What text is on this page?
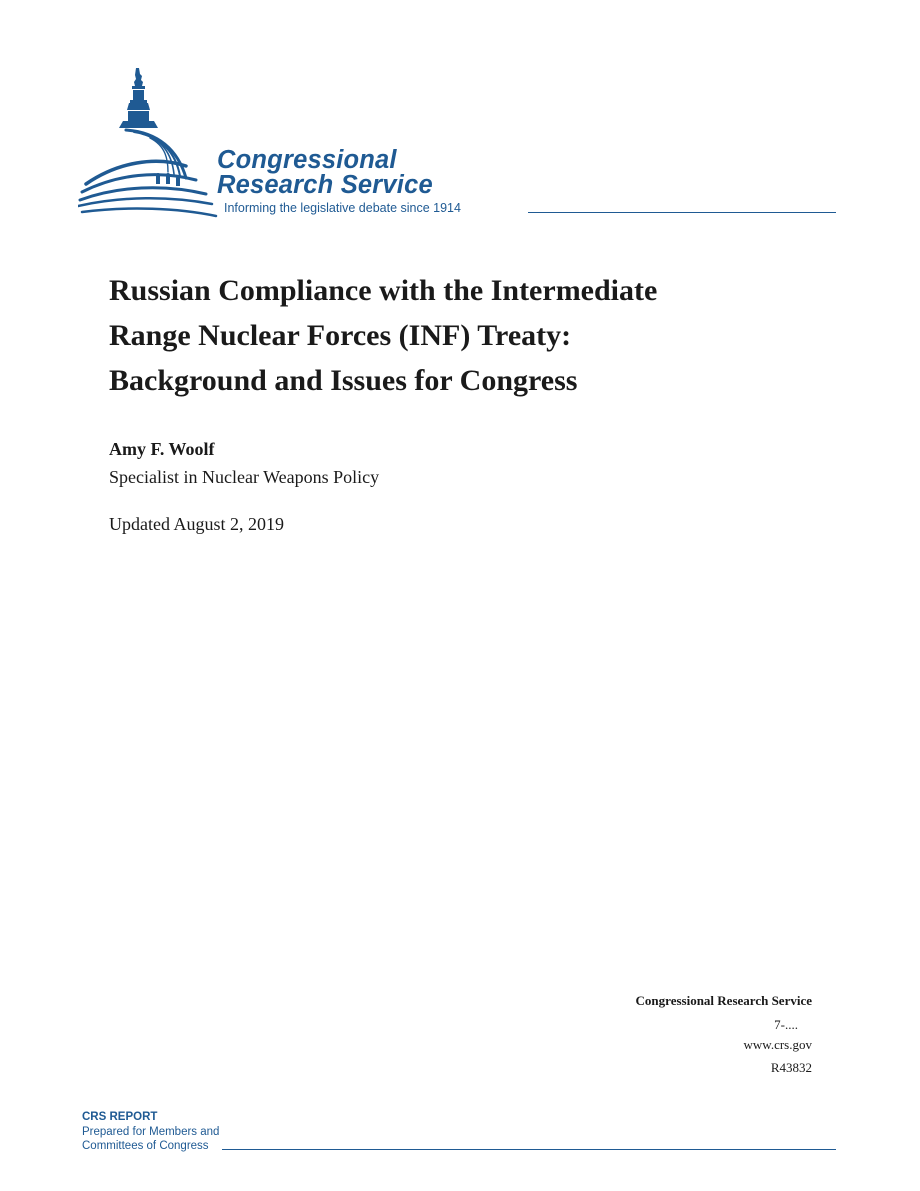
Congressional
Research Service
Informing the legislative debate since 1914
Russian Compliance with the Intermediate
Range Nuclear Forces (INF) Treaty:
Background and Issues for Congress
Amy F. Woolf
Specialist in Nuclear Weapons Policy
Updated August 2, 2019
Congressional Research Service
7-....
www.crs.gov
R43832
CRS REPORT
Prepared for Members and
Committees of Congress
